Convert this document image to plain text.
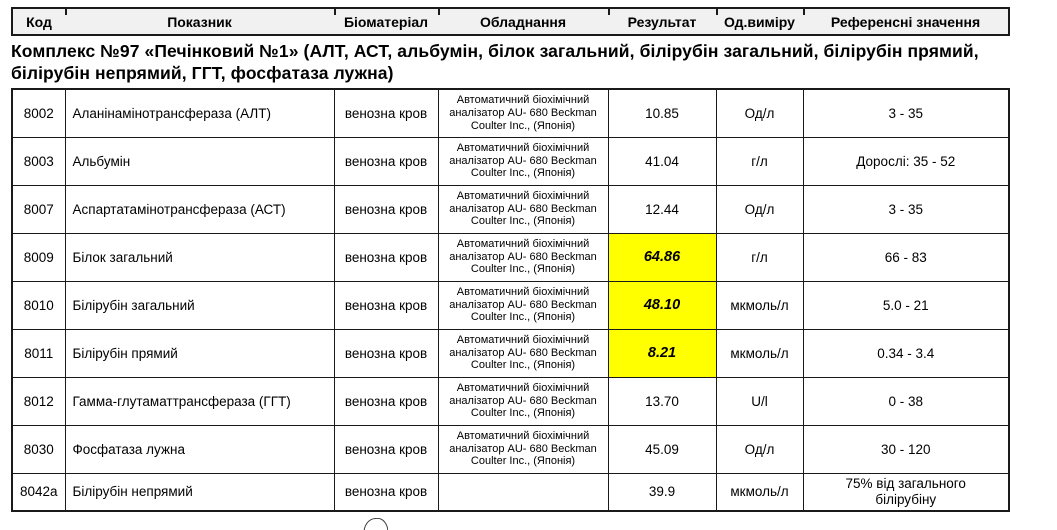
Код	Показник	Біоматеріал	Обладнання	Результат	Од.виміру	Референсні значення
Комплекс №97 «Печінковий №1» (АЛТ, АСТ, альбумін, білок загальний, білірубін загальний, білірубін прямий, білірубін непрямий, ГГТ, фосфатаза лужна)
8002	Аланінамінотрансфераза (АЛТ)	венозна кров	Автоматичний біохімічний аналізатор AU- 680 Beckman Coulter Inc., (Японія)	10.85	Од/л	3 - 35
8003	Альбумін	венозна кров	Автоматичний біохімічний аналізатор AU- 680 Beckman Coulter Inc., (Японія)	41.04	г/л	Дорослі: 35 - 52
8007	Аспартатамінотрансфераза (АСТ)	венозна кров	Автоматичний біохімічний аналізатор AU- 680 Beckman Coulter Inc., (Японія)	12.44	Од/л	3 - 35
8009	Білок загальний	венозна кров	Автоматичний біохімічний аналізатор AU- 680 Beckman Coulter Inc., (Японія)	64.86	г/л	66 - 83
8010	Білірубін загальний	венозна кров	Автоматичний біохімічний аналізатор AU- 680 Beckman Coulter Inc., (Японія)	48.10	мкмоль/л	5.0 - 21
8011	Білірубін прямий	венозна кров	Автоматичний біохімічний аналізатор AU- 680 Beckman Coulter Inc., (Японія)	8.21	мкмоль/л	0.34 - 3.4
8012	Гамма-глутаматтрансфераза (ГГТ)	венозна кров	Автоматичний біохімічний аналізатор AU- 680 Beckman Coulter Inc., (Японія)	13.70	U/l	0 - 38
8030	Фосфатаза лужна	венозна кров	Автоматичний біохімічний аналізатор AU- 680 Beckman Coulter Inc., (Японія)	45.09	Од/л	30 - 120
8042а	Білірубін непрямий	венозна кров		39.9	мкмоль/л	75% від загального білірубіну
